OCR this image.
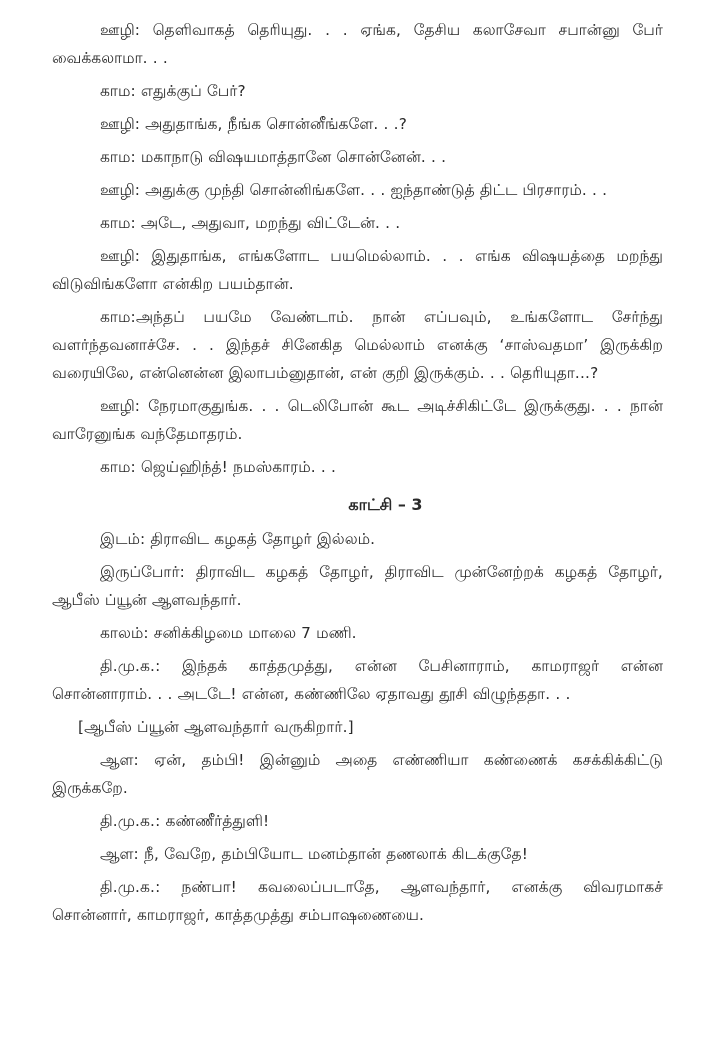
ஊழி: தெளிவாகத் தெரியுது. . . ஏங்க, தேசிய கலாசேவா சபான்னு பேர் வைக்கலாமா. . .

காம: எதுக்குப் பேர்?

ஊழி: அதுதாங்க, நீங்க சொன்னீங்களே. . .?

காம: மகாநாடு விஷயமாத்தானே சொன்னேன். . .

ஊழி: அதுக்கு முந்தி சொன்னிங்களே. . . ஐந்தாண்டுத் திட்ட பிரசாரம். . .

காம: அடே, அதுவா, மறந்து விட்டேன். . .

ஊழி: இதுதாங்க, எங்களோட பயமெல்லாம். . . எங்க விஷயத்தை மறந்து விடுவிங்களோ என்கிற பயம்தான்.

காம:அந்தப் பயமே வேண்டாம். நான் எப்பவும், உங்களோட சேர்ந்து வளர்ந்தவனாச்சே. . . இந்தச் சினேகித மெல்லாம் எனக்கு ‘சாஸ்வதமா’ இருக்கிற வரையிலே, என்னென்ன இலாபம்னுதான், என் குறி இருக்கும். . . தெரியுதா...?

ஊழி: நேரமாகுதுங்க. . . டெலிபோன் கூட அடிச்சிகிட்டே இருக்குது. . . நான் வாரேனுங்க வந்தேமாதரம்.

காம: ஜெய்ஹிந்த்! நமஸ்காரம். . .

காட்சி – 3

இடம்: திராவிட கழகத் தோழர் இல்லம்.

இருப்போர்: திராவிட கழகத் தோழர், திராவிட முன்னேற்றக் கழகத் தோழர், ஆபீஸ் ப்யூன் ஆளவந்தார்.

காலம்: சனிக்கிழமை மாலை 7 மணி.

தி.மு.க.: இந்தக் காத்தமுத்து, என்ன பேசினாராம், காமராஜர் என்ன சொன்னாராம். . . அடடே! என்ன, கண்ணிலே ஏதாவது தூசி விழுந்ததா. . .

[ஆபீஸ் ப்யூன் ஆளவந்தார் வருகிறார்.]

ஆள: ஏன், தம்பி! இன்னும் அதை எண்ணியா கண்ணைக் கசக்கிக்கிட்டு இருக்கறே.

தி.மு.க.: கண்ணீர்த்துளி!

ஆள: நீ, வேறே, தம்பியோட மனம்தான் தணலாக் கிடக்குதே!

தி.மு.க.: நண்பா! கவலைப்படாதே, ஆளவந்தார், எனக்கு விவரமாகச் சொன்னார், காமராஜர், காத்தமுத்து சம்பாஷணையை.
